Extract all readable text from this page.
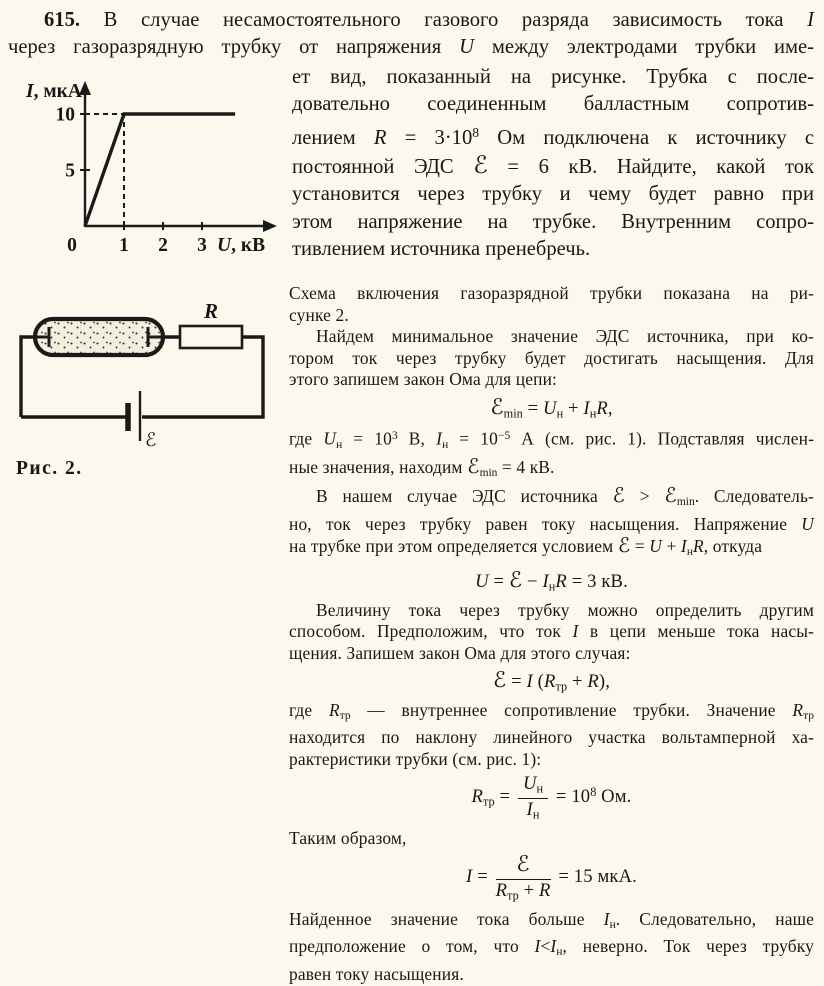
615. В случае несамостоятельного газового разряда зависимость тока I
через газоразрядную трубку от напряжения U между электродами трубки име-
0 1 2 3
5
10
I, мкА
U, кВ
ет вид, показанный на рисунке. Трубка с после-
довательно соединенным балластным сопротив-
лением $R = 3\cdot 10^8$ Ом подключена к источнику с
постоянной ЭДС ℰ = 6 кВ. Найдите, какой ток
установится через трубку и чему будет равно при
этом напряжение на трубке. Внутренним сопро-
тивлением источника пренебречь.
R
ℰ
Рис. 2.
Схема включения газоразрядной трубки показана на ри-
сунке 2.
Найдем минимальное значение ЭДС источника, при ко-
тором ток через трубку будет достигать насыщения. Для
этого запишем закон Ома для цепи:
ℰmin = Uн + IнR,
где Uн = $10^3$ В, Iн = $10^{-5}$ А (см. рис. 1). Подставляя числен-
ные значения, находим ℰmin = 4 кВ.
В нашем случае ЭДС источника ℰ > ℰmin. Следователь-
но, ток через трубку равен току насыщения. Напряжение U
на трубке при этом определяется условием ℰ = U + IнR, откуда
U = ℰ − IнR = 3 кВ.
Величину тока через трубку можно определить другим
способом. Предположим, что ток I в цепи меньше тока насы-
щения. Запишем закон Ома для этого случая:
ℰ = I (Rтр + R),
где Rтр — внутреннее сопротивление трубки. Значение Rтр
находится по наклону линейного участка вольтамперной ха-
рактеристики трубки (см. рис. 1):
Rтр = $\frac{Uн}{Iн} = 10^8$ Ом.
Таким образом,
$I = \frac{\text{ℰ}}{\text{Rтр + R}} = 15$ мкА.
Найденное значение тока больше Iн. Следовательно, наше
предположение о том, что I<Iн, неверно. Ток через трубку
равен току насыщения.
